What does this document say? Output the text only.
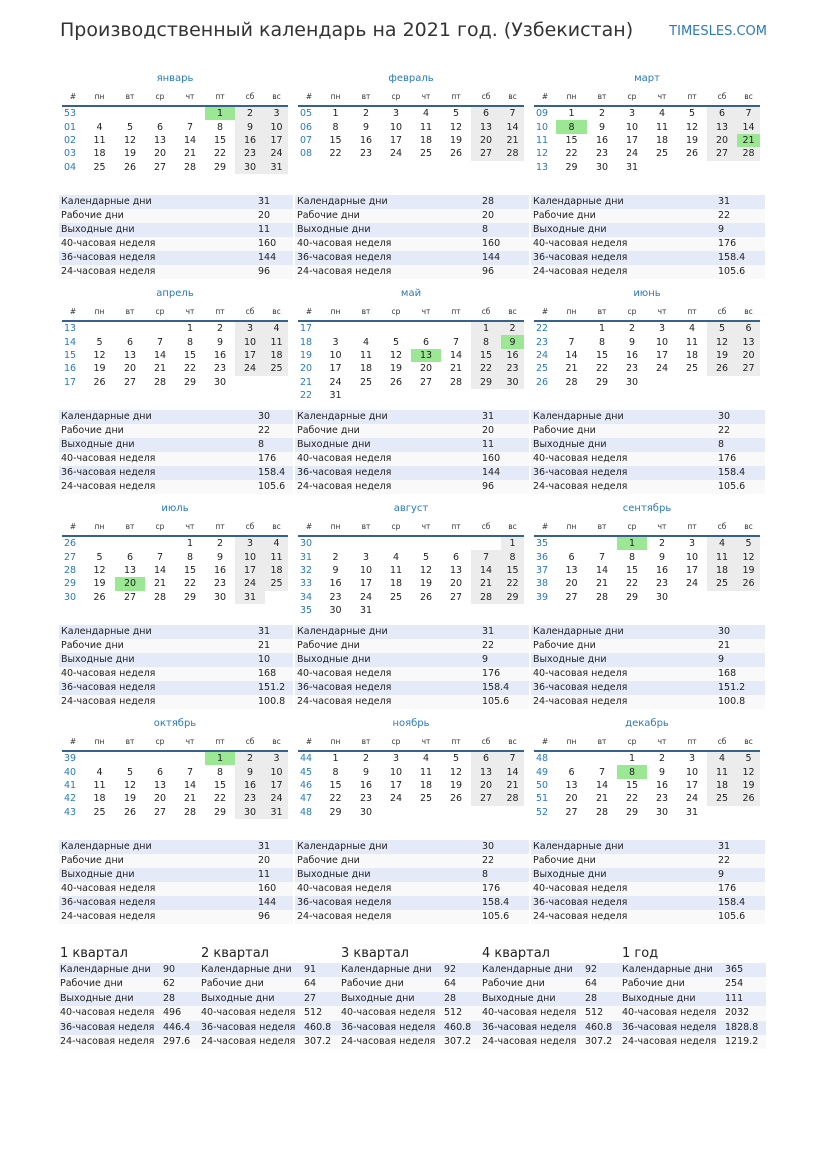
Производственный календарь на 2021 год. (Узбекистан)	TIMESLES.COM
январь
#	пн	вт	ср	чт	пт	сб	вс
53					1	2	3
01	4	5	6	7	8	9	10
02	11	12	13	14	15	16	17
03	18	19	20	21	22	23	24
04	25	26	27	28	29	30	31
Календарные дни	31
Рабочие дни	20
Выходные дни	11
40-часовая неделя	160
36-часовая неделя	144
24-часовая неделя	96
февраль
#	пн	вт	ср	чт	пт	сб	вс
05	1	2	3	4	5	6	7
06	8	9	10	11	12	13	14
07	15	16	17	18	19	20	21
08	22	23	24	25	26	27	28
Календарные дни	28
Рабочие дни	20
Выходные дни	8
40-часовая неделя	160
36-часовая неделя	144
24-часовая неделя	96
март
#	пн	вт	ср	чт	пт	сб	вс
09	1	2	3	4	5	6	7
10	8	9	10	11	12	13	14
11	15	16	17	18	19	20	21
12	22	23	24	25	26	27	28
13	29	30	31				
Календарные дни	31
Рабочие дни	22
Выходные дни	9
40-часовая неделя	176
36-часовая неделя	158.4
24-часовая неделя	105.6
апрель
#	пн	вт	ср	чт	пт	сб	вс
13				1	2	3	4
14	5	6	7	8	9	10	11
15	12	13	14	15	16	17	18
16	19	20	21	22	23	24	25
17	26	27	28	29	30		
Календарные дни	30
Рабочие дни	22
Выходные дни	8
40-часовая неделя	176
36-часовая неделя	158.4
24-часовая неделя	105.6
май
#	пн	вт	ср	чт	пт	сб	вс
17						1	2
18	3	4	5	6	7	8	9
19	10	11	12	13	14	15	16
20	17	18	19	20	21	22	23
21	24	25	26	27	28	29	30
22	31						
Календарные дни	31
Рабочие дни	20
Выходные дни	11
40-часовая неделя	160
36-часовая неделя	144
24-часовая неделя	96
июнь
#	пн	вт	ср	чт	пт	сб	вс
22		1	2	3	4	5	6
23	7	8	9	10	11	12	13
24	14	15	16	17	18	19	20
25	21	22	23	24	25	26	27
26	28	29	30				
Календарные дни	30
Рабочие дни	22
Выходные дни	8
40-часовая неделя	176
36-часовая неделя	158.4
24-часовая неделя	105.6
июль
#	пн	вт	ср	чт	пт	сб	вс
26				1	2	3	4
27	5	6	7	8	9	10	11
28	12	13	14	15	16	17	18
29	19	20	21	22	23	24	25
30	26	27	28	29	30	31	
Календарные дни	31
Рабочие дни	21
Выходные дни	10
40-часовая неделя	168
36-часовая неделя	151.2
24-часовая неделя	100.8
август
#	пн	вт	ср	чт	пт	сб	вс
30							1
31	2	3	4	5	6	7	8
32	9	10	11	12	13	14	15
33	16	17	18	19	20	21	22
34	23	24	25	26	27	28	29
35	30	31					
Календарные дни	31
Рабочие дни	22
Выходные дни	9
40-часовая неделя	176
36-часовая неделя	158.4
24-часовая неделя	105.6
сентябрь
#	пн	вт	ср	чт	пт	сб	вс
35			1	2	3	4	5
36	6	7	8	9	10	11	12
37	13	14	15	16	17	18	19
38	20	21	22	23	24	25	26
39	27	28	29	30			
Календарные дни	30
Рабочие дни	21
Выходные дни	9
40-часовая неделя	168
36-часовая неделя	151.2
24-часовая неделя	100.8
октябрь
#	пн	вт	ср	чт	пт	сб	вс
39					1	2	3
40	4	5	6	7	8	9	10
41	11	12	13	14	15	16	17
42	18	19	20	21	22	23	24
43	25	26	27	28	29	30	31
Календарные дни	31
Рабочие дни	20
Выходные дни	11
40-часовая неделя	160
36-часовая неделя	144
24-часовая неделя	96
ноябрь
#	пн	вт	ср	чт	пт	сб	вс
44	1	2	3	4	5	6	7
45	8	9	10	11	12	13	14
46	15	16	17	18	19	20	21
47	22	23	24	25	26	27	28
48	29	30					
Календарные дни	30
Рабочие дни	22
Выходные дни	8
40-часовая неделя	176
36-часовая неделя	158.4
24-часовая неделя	105.6
декабрь
#	пн	вт	ср	чт	пт	сб	вс
48			1	2	3	4	5
49	6	7	8	9	10	11	12
50	13	14	15	16	17	18	19
51	20	21	22	23	24	25	26
52	27	28	29	30	31		
Календарные дни	31
Рабочие дни	22
Выходные дни	9
40-часовая неделя	176
36-часовая неделя	158.4
24-часовая неделя	105.6
1 квартал
Календарные дни	90
Рабочие дни	62
Выходные дни	28
40-часовая неделя	496
36-часовая неделя	446.4
24-часовая неделя	297.6
2 квартал
Календарные дни	91
Рабочие дни	64
Выходные дни	27
40-часовая неделя	512
36-часовая неделя	460.8
24-часовая неделя	307.2
3 квартал
Календарные дни	92
Рабочие дни	64
Выходные дни	28
40-часовая неделя	512
36-часовая неделя	460.8
24-часовая неделя	307.2
4 квартал
Календарные дни	92
Рабочие дни	64
Выходные дни	28
40-часовая неделя	512
36-часовая неделя	460.8
24-часовая неделя	307.2
1 год
Календарные дни	365
Рабочие дни	254
Выходные дни	111
40-часовая неделя	2032
36-часовая неделя	1828.8
24-часовая неделя	1219.2
